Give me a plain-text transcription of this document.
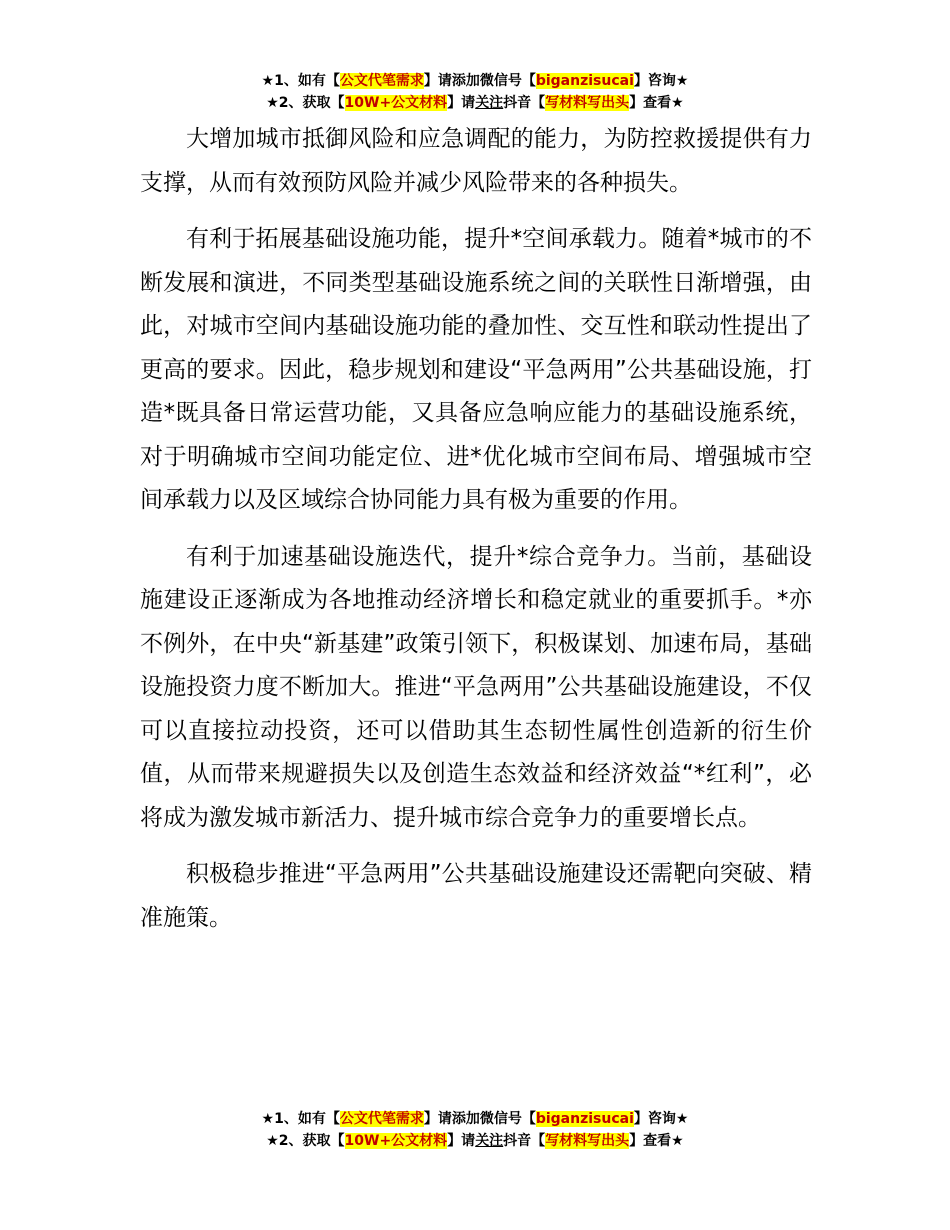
★1、如有【公文代笔需求】请添加微信号【biganzisucai】咨询★
★2、获取【10W+公文材料】请关注抖音【写材料写出头】查看★

大增加城市抵御风险和应急调配的能力，为防控救援提供有力支撑，从而有效预防风险并减少风险带来的各种损失。

有利于拓展基础设施功能，提升*空间承载力。随着*城市的不断发展和演进，不同类型基础设施系统之间的关联性日渐增强，由此，对城市空间内基础设施功能的叠加性、交互性和联动性提出了更高的要求。因此，稳步规划和建设“平急两用”公共基础设施，打造*既具备日常运营功能，又具备应急响应能力的基础设施系统，对于明确城市空间功能定位、进*优化城市空间布局、增强城市空间承载力以及区域综合协同能力具有极为重要的作用。

有利于加速基础设施迭代，提升*综合竞争力。当前，基础设施建设正逐渐成为各地推动经济增长和稳定就业的重要抓手。*亦不例外，在中央“新基建”政策引领下，积极谋划、加速布局，基础设施投资力度不断加大。推进“平急两用”公共基础设施建设，不仅可以直接拉动投资，还可以借助其生态韧性属性创造新的衍生价值，从而带来规避损失以及创造生态效益和经济效益“*红利”，必将成为激发城市新活力、提升城市综合竞争力的重要增长点。

积极稳步推进“平急两用”公共基础设施建设还需靶向突破、精准施策。

★1、如有【公文代笔需求】请添加微信号【biganzisucai】咨询★
★2、获取【10W+公文材料】请关注抖音【写材料写出头】查看★
